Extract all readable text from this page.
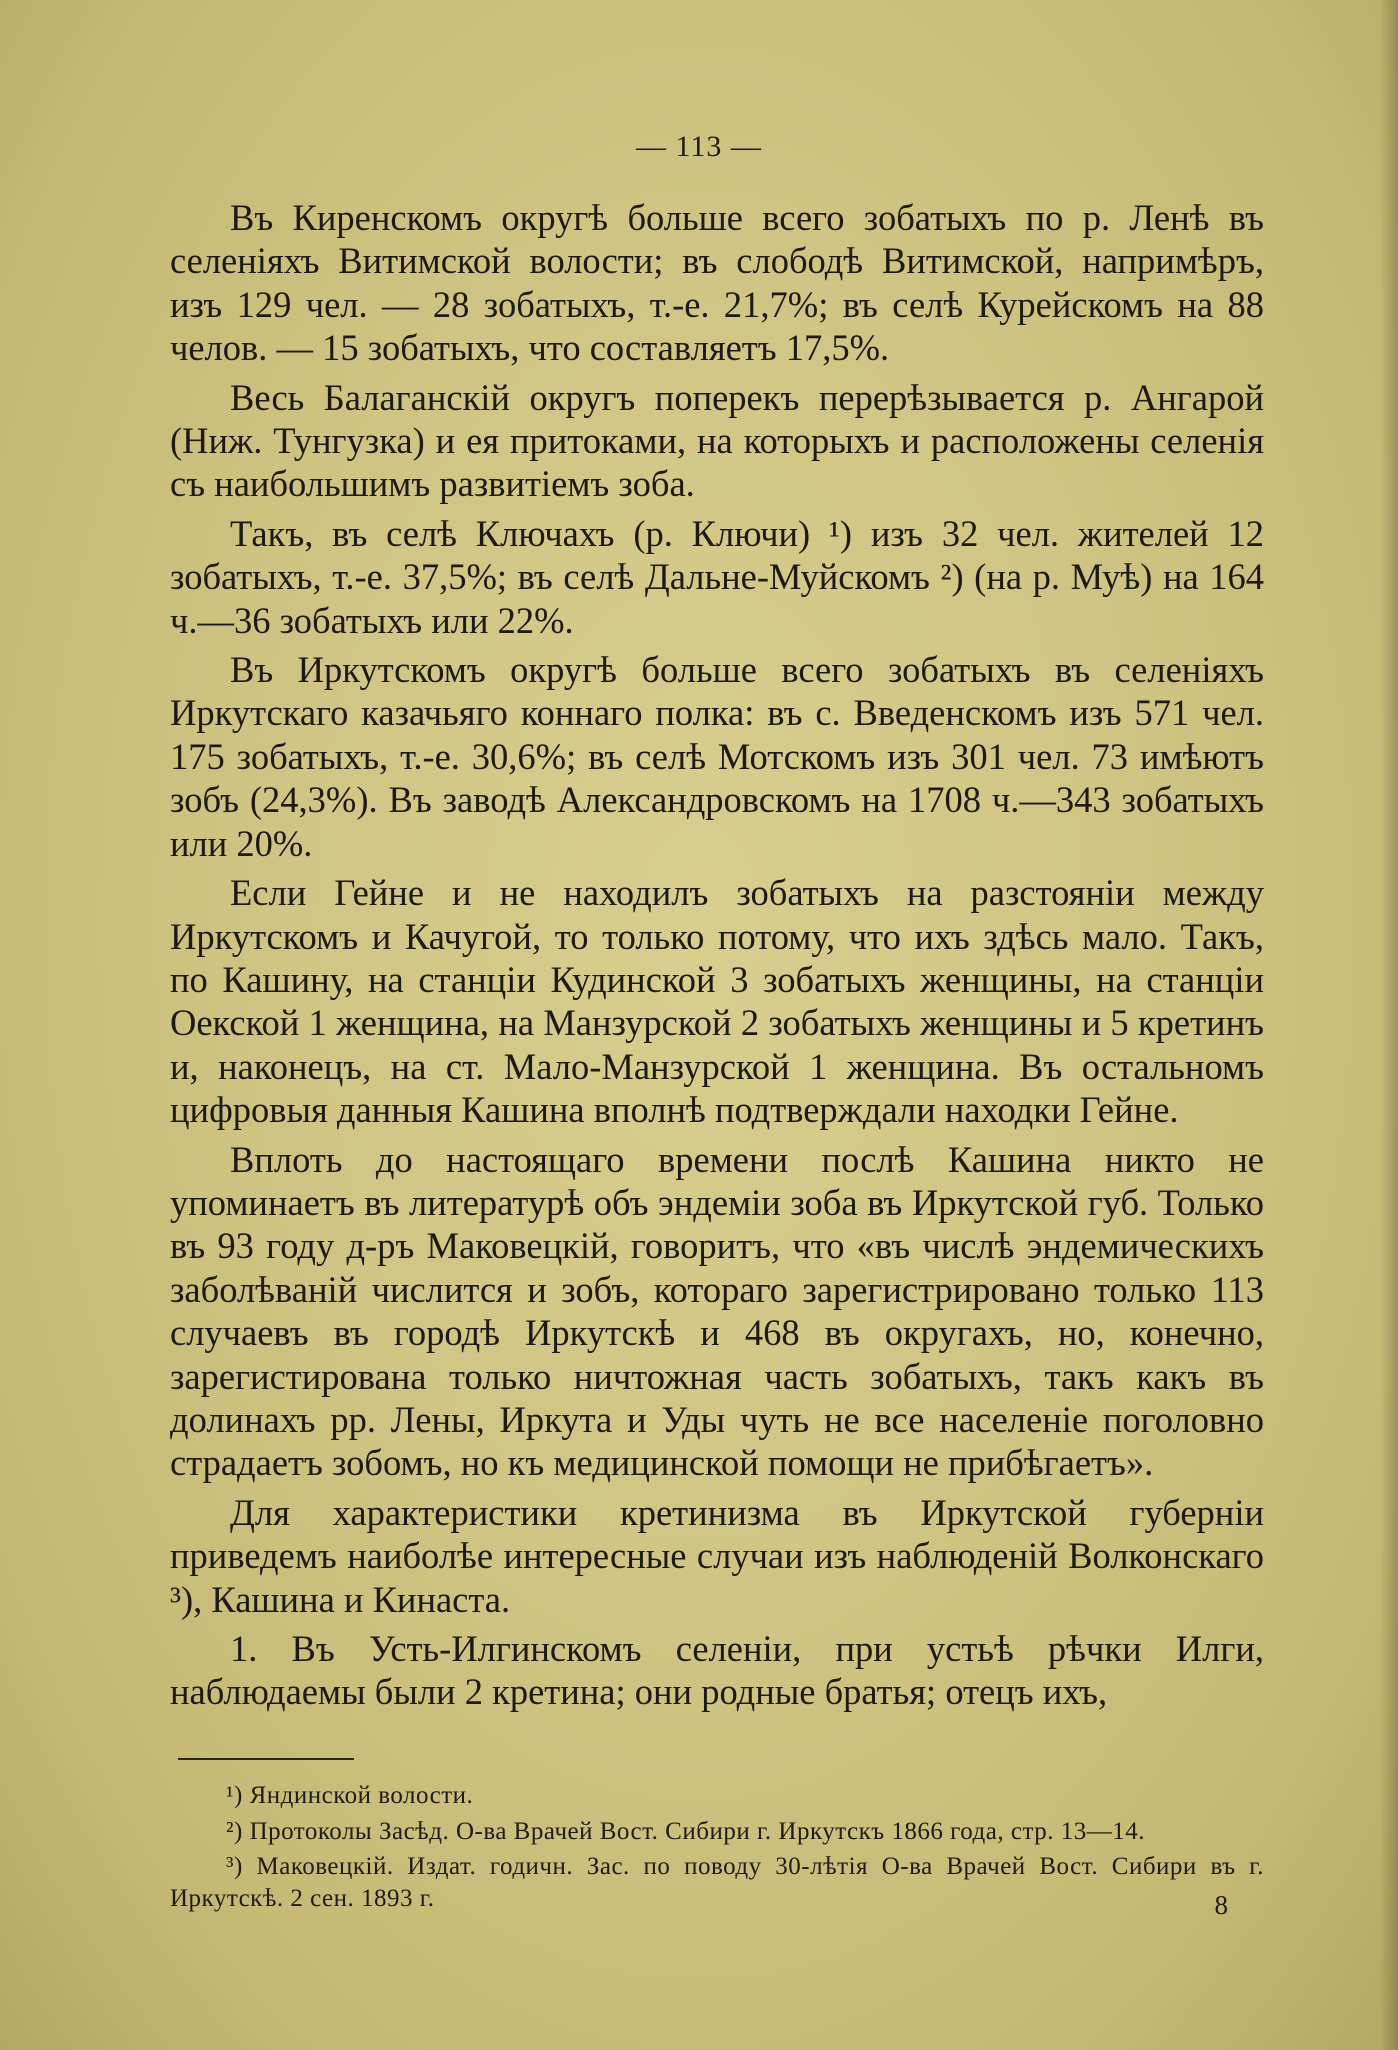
— 113 —

Въ Киренскомъ округѣ больше всего зобатыхъ по р. Ленѣ въ селеніяхъ Витимской волости; въ слободѣ Витимской, напримѣръ, изъ 129 чел. — 28 зобатыхъ, т.-е. 21,7%; въ селѣ Курейскомъ на 88 челов. — 15 зобатыхъ, что составляетъ 17,5%.

Весь Балаганскій округъ поперекъ перерѣзывается р. Ангарой (Ниж. Тунгузка) и ея притоками, на которыхъ и расположены селенія съ наибольшимъ развитіемъ зоба.

Такъ, въ селѣ Ключахъ (р. Ключи) ¹) изъ 32 чел. жителей 12 зобатыхъ, т.-е. 37,5%; въ селѣ Дальне-Муйскомъ ²) (на р. Муѣ) на 164 ч.—36 зобатыхъ или 22%.

Въ Иркутскомъ округѣ больше всего зобатыхъ въ селеніяхъ Иркутскаго казачьяго коннаго полка: въ с. Введенскомъ изъ 571 чел. 175 зобатыхъ, т.-е. 30,6%; въ селѣ Мотскомъ изъ 301 чел. 73 имѣютъ зобъ (24,3%). Въ заводѣ Александровскомъ на 1708 ч.—343 зобатыхъ или 20%.

Если Гейне и не находилъ зобатыхъ на разстояніи между Иркутскомъ и Качугой, то только потому, что ихъ здѣсь мало. Такъ, по Кашину, на станціи Кудинской 3 зобатыхъ женщины, на станціи Оекской 1 женщина, на Манзурской 2 зобатыхъ женщины и 5 кретинъ и, наконецъ, на ст. Мало-Манзурской 1 женщина. Въ остальномъ цифровыя данныя Кашина вполнѣ подтверждали находки Гейне.

Вплоть до настоящаго времени послѣ Кашина никто не упоминаетъ въ литературѣ объ эндеміи зоба въ Иркутской губ. Только въ 93 году д-ръ Маковецкій, говоритъ, что «въ числѣ эндемическихъ заболѣваній числится и зобъ, котораго зарегистрировано только 113 случаевъ въ городѣ Иркутскѣ и 468 въ округахъ, но, конечно, зарегистирована только ничтожная часть зобатыхъ, такъ какъ въ долинахъ рр. Лены, Иркута и Уды чуть не все населеніе поголовно страдаетъ зобомъ, но къ медицинской помощи не прибѣгаетъ».

Для характеристики кретинизма въ Иркутской губерніи приведемъ наиболѣе интересные случаи изъ наблюденій Волконскаго ³), Кашина и Кинаста.

1. Въ Усть-Илгинскомъ селеніи, при устьѣ рѣчки Илги, наблюдаемы были 2 кретина; они родные братья; отецъ ихъ,

¹) Яндинской волости.

²) Протоколы Засѣд. О-ва Врачей Вост. Сибири г. Иркутскъ 1866 года, стр. 13—14.

³) Маковецкій. Издат. годичн. Зас. по поводу 30-лѣтія О-ва Врачей Вост. Сибири въ г. Иркутскѣ. 2 сен. 1893 г.	8
